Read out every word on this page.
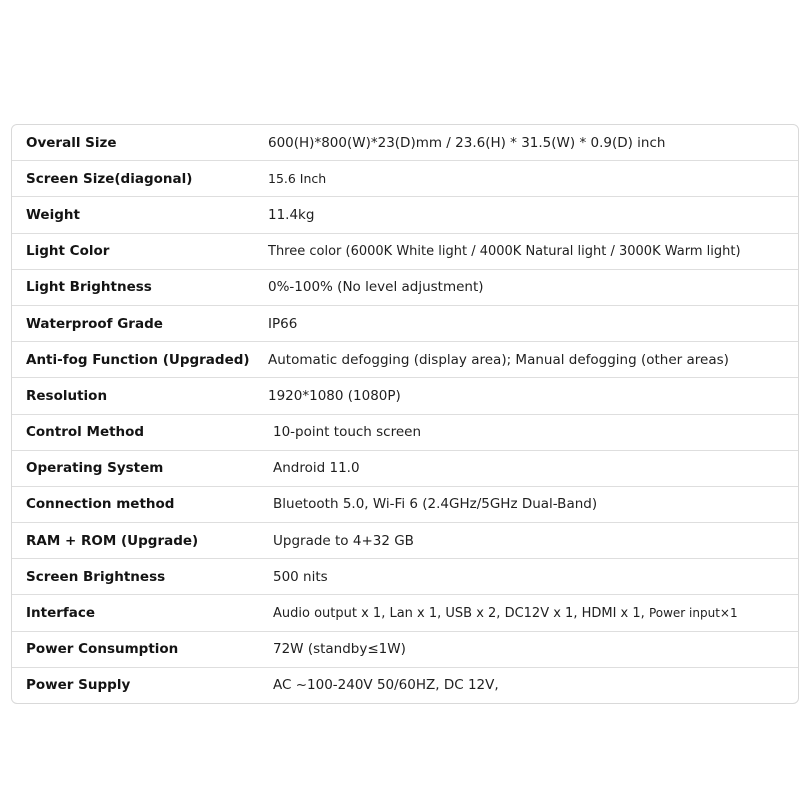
Overall Size	600(H)*800(W)*23(D)mm / 23.6(H) * 31.5(W) * 0.9(D) inch
Screen Size(diagonal)	15.6 Inch
Weight	11.4kg
Light Color	Three color (6000K White light / 4000K Natural light / 3000K Warm light)
Light Brightness	0%-100% (No level adjustment)
Waterproof Grade	IP66
Anti-fog Function (Upgraded)	Automatic defogging (display area); Manual defogging (other areas)
Resolution	1920*1080 (1080P)
Control Method	10-point touch screen
Operating System	Android 11.0
Connection method	Bluetooth 5.0, Wi-Fi 6 (2.4GHz/5GHz Dual-Band)
RAM + ROM (Upgrade)	Upgrade to 4+32 GB
Screen Brightness	500 nits
Interface	Audio output x 1, Lan x 1, USB x 2, DC12V x 1, HDMI x 1, Power input×1
Power Consumption	72W (standby≤1W)
Power Supply	AC ~100-240V 50/60HZ, DC 12V,
